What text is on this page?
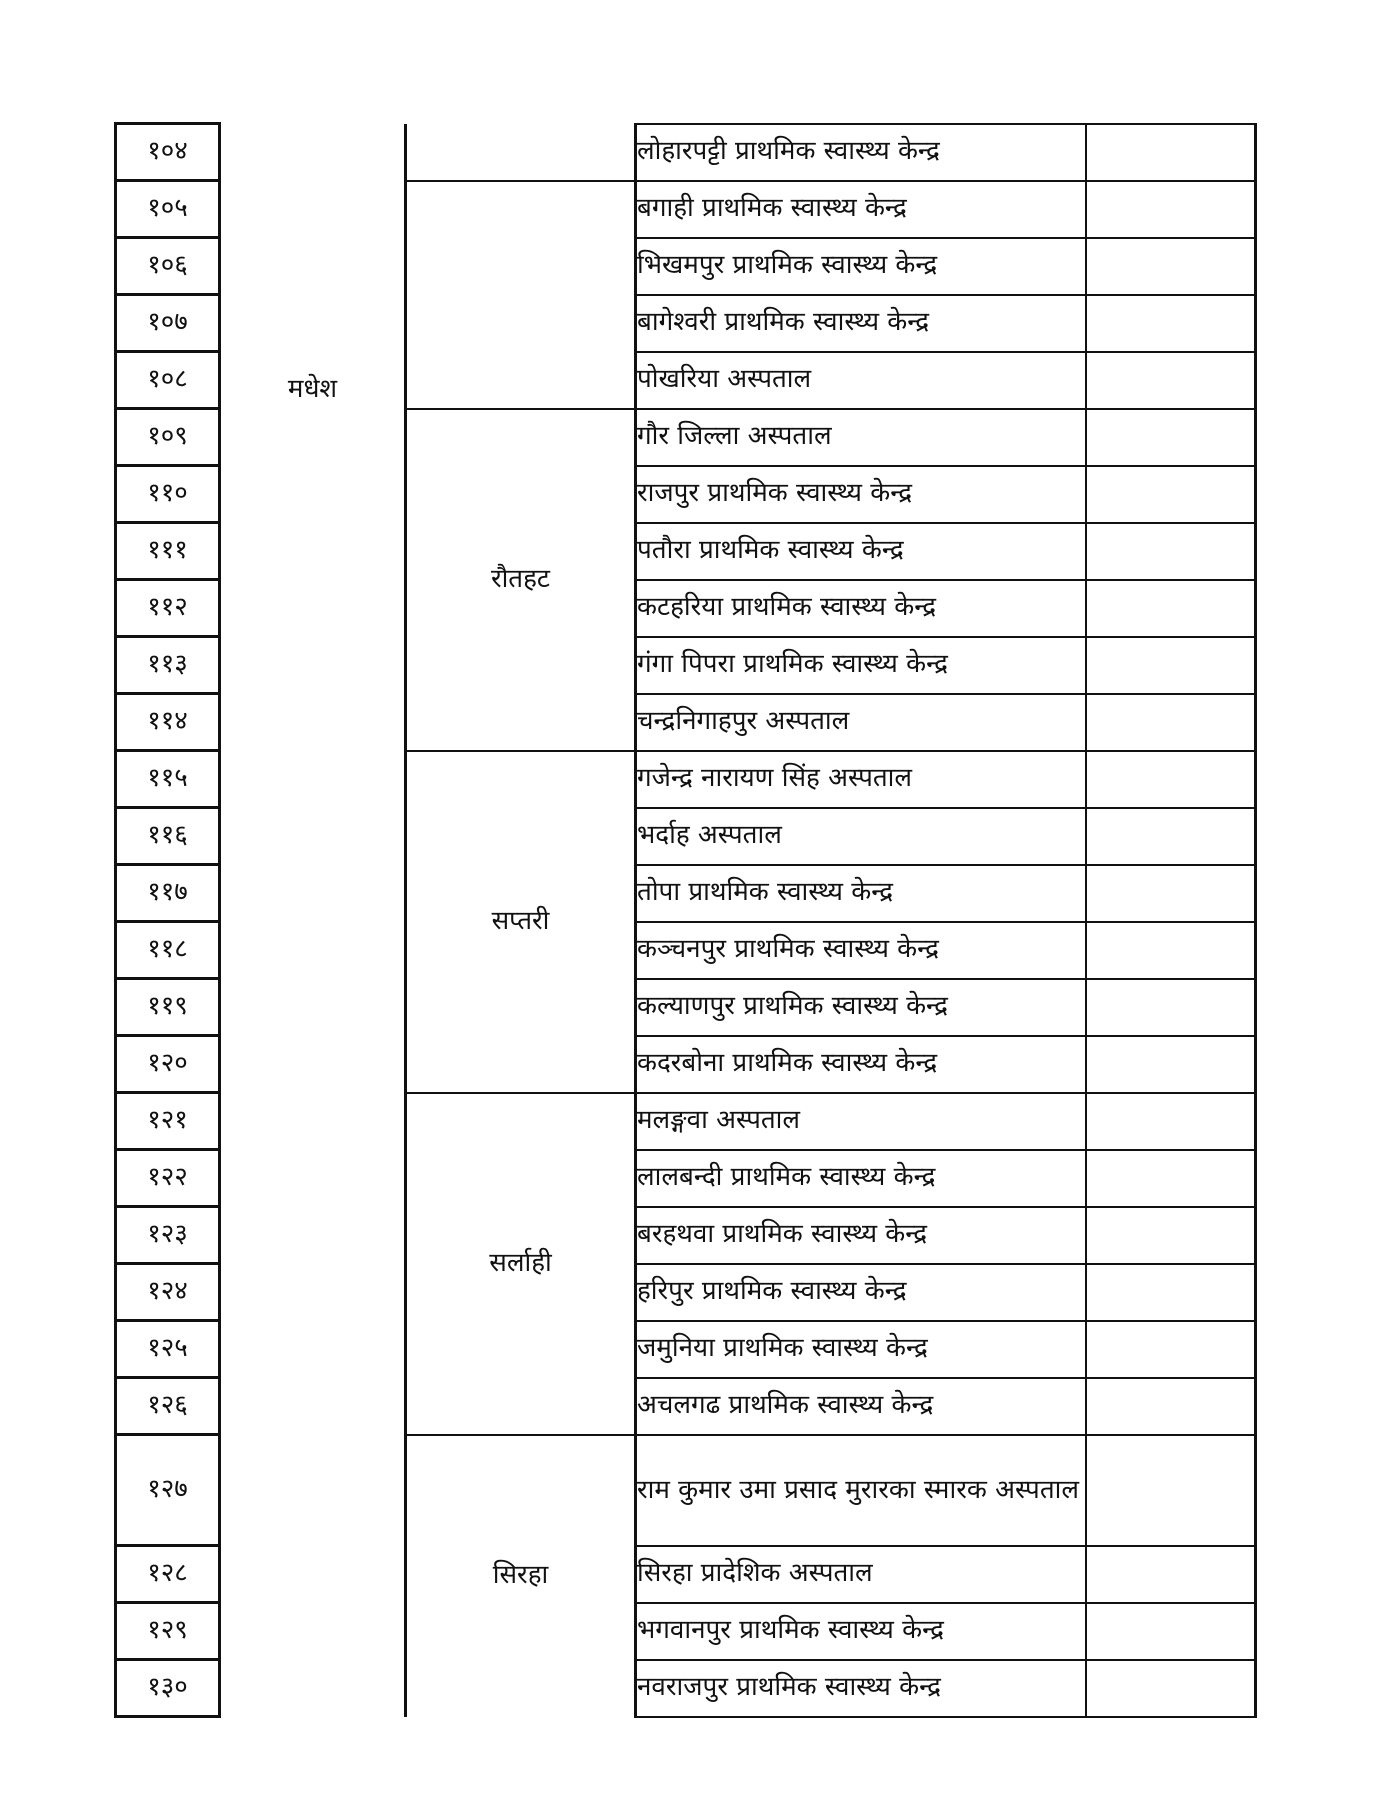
१०४	मधेश		लोहारपट्टी प्राथमिक स्वास्थ्य केन्द्र	
१०५			बगाही प्राथमिक स्वास्थ्य केन्द्र	
१०६			भिखमपुर प्राथमिक स्वास्थ्य केन्द्र	
१०७			बागेश्वरी प्राथमिक स्वास्थ्य केन्द्र	
१०८			पोखरिया अस्पताल	
१०९		रौतहट	गौर जिल्ला अस्पताल	
११०			राजपुर प्राथमिक स्वास्थ्य केन्द्र	
१११			पतौरा प्राथमिक स्वास्थ्य केन्द्र	
११२			कटहरिया प्राथमिक स्वास्थ्य केन्द्र	
११३			गंगा पिपरा प्राथमिक स्वास्थ्य केन्द्र	
११४			चन्द्रनिगाहपुर अस्पताल	
११५		सप्तरी	गजेन्द्र नारायण सिंह अस्पताल	
११६			भर्दाह अस्पताल	
११७			तोपा प्राथमिक स्वास्थ्य केन्द्र	
११८			कञ्चनपुर प्राथमिक स्वास्थ्य केन्द्र	
११९			कल्याणपुर प्राथमिक स्वास्थ्य केन्द्र	
१२०			कदरबोना प्राथमिक स्वास्थ्य केन्द्र	
१२१		सर्लाही	मलङ्गवा अस्पताल	
१२२			लालबन्दी प्राथमिक स्वास्थ्य केन्द्र	
१२३			बरहथवा प्राथमिक स्वास्थ्य केन्द्र	
१२४			हरिपुर प्राथमिक स्वास्थ्य केन्द्र	
१२५			जमुनिया प्राथमिक स्वास्थ्य केन्द्र	
१२६			अचलगढ प्राथमिक स्वास्थ्य केन्द्र	
१२७		सिरहा	राम कुमार उमा प्रसाद मुरारका स्मारक अस्पताल	
१२८			सिरहा प्रादेशिक अस्पताल	
१२९			भगवानपुर प्राथमिक स्वास्थ्य केन्द्र	
१३०			नवराजपुर प्राथमिक स्वास्थ्य केन्द्र	
